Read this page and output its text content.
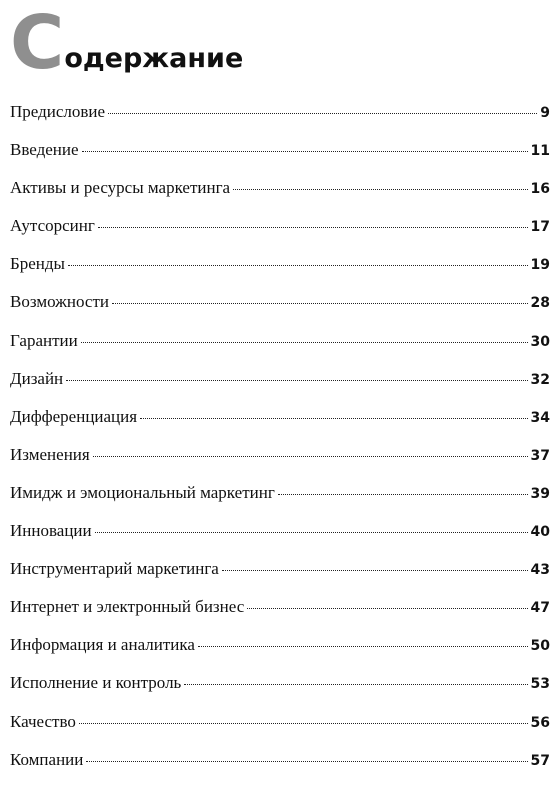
С одержание
Предисловие	9
Введение	11
Активы и ресурсы маркетинга	16
Аутсорсинг	17
Бренды	19
Возможности	28
Гарантии	30
Дизайн	32
Дифференциация	34
Изменения	37
Имидж и эмоциональный маркетинг	39
Инновации	40
Инструментарий маркетинга	43
Интернет и электронный бизнес	47
Информация и аналитика	50
Исполнение и контроль	53
Качество	56
Компании	57
